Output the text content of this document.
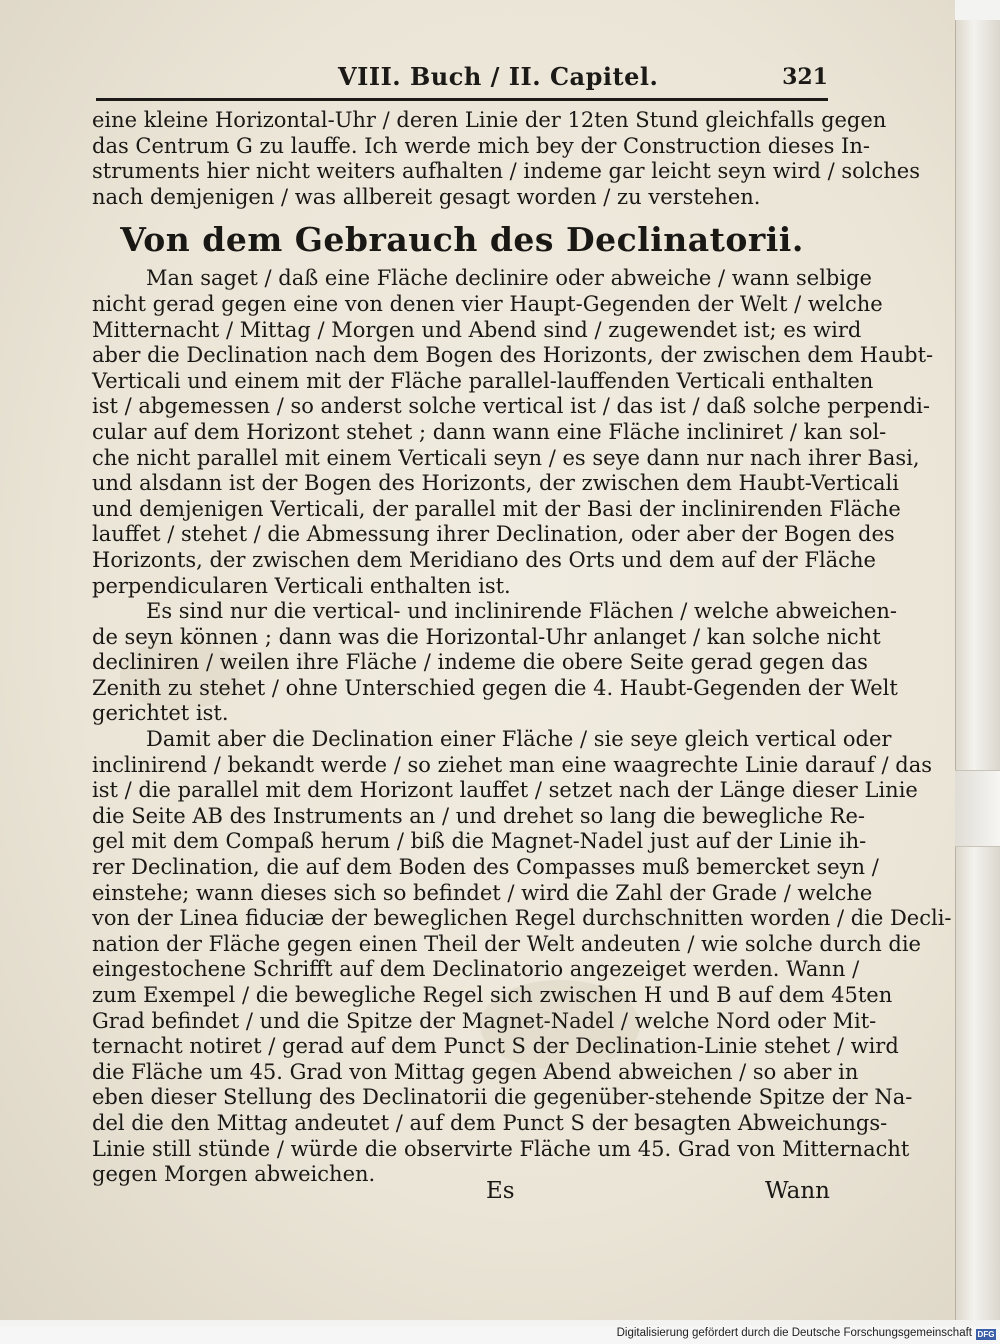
VIII. Buch / II. Capitel.	321
eine kleine Horizontal-Uhr / deren Linie der 12ten Stund gleichfalls gegen
das Centrum G zu lauffe. Ich werde mich bey der Construction dieses In-
struments hier nicht weiters aufhalten / indeme gar leicht seyn wird / solches
nach demjenigen / was allbereit gesagt worden / zu verstehen.
Von dem Gebrauch des Declinatorii.
Man saget / daß eine Fläche declinire oder abweiche / wann selbige
nicht gerad gegen eine von denen vier Haupt-Gegenden der Welt / welche
Mitternacht / Mittag / Morgen und Abend sind / zugewendet ist; es wird
aber die Declination nach dem Bogen des Horizonts, der zwischen dem Haubt-
Verticali und einem mit der Fläche parallel-lauffenden Verticali enthalten
ist / abgemessen / so anderst solche vertical ist / das ist / daß solche perpendi-
cular auf dem Horizont stehet ; dann wann eine Fläche incliniret / kan sol-
che nicht parallel mit einem Verticali seyn / es seye dann nur nach ihrer Basi,
und alsdann ist der Bogen des Horizonts, der zwischen dem Haubt-Verticali
und demjenigen Verticali, der parallel mit der Basi der inclinirenden Fläche
lauffet / stehet / die Abmessung ihrer Declination, oder aber der Bogen des
Horizonts, der zwischen dem Meridiano des Orts und dem auf der Fläche
perpendicularen Verticali enthalten ist.
Es sind nur die vertical- und inclinirende Flächen / welche abweichen-
de seyn können ; dann was die Horizontal-Uhr anlanget / kan solche nicht
decliniren / weilen ihre Fläche / indeme die obere Seite gerad gegen das
Zenith zu stehet / ohne Unterschied gegen die 4. Haubt-Gegenden der Welt
gerichtet ist.
Damit aber die Declination einer Fläche / sie seye gleich vertical oder
inclinirend / bekandt werde / so ziehet man eine waagrechte Linie darauf / das
ist / die parallel mit dem Horizont lauffet / setzet nach der Länge dieser Linie
die Seite AB des Instruments an / und drehet so lang die bewegliche Re-
gel mit dem Compaß herum / biß die Magnet-Nadel just auf der Linie ih-
rer Declination, die auf dem Boden des Compasses muß bemercket seyn /
einstehe; wann dieses sich so befindet / wird die Zahl der Grade / welche
von der Linea fiduciæ der beweglichen Regel durchschnitten worden / die Decli-
nation der Fläche gegen einen Theil der Welt andeuten / wie solche durch die
eingestochene Schrifft auf dem Declinatorio angezeiget werden. Wann /
zum Exempel / die bewegliche Regel sich zwischen H und B auf dem 45ten
Grad befindet / und die Spitze der Magnet-Nadel / welche Nord oder Mit-
ternacht notiret / gerad auf dem Punct S der Declination-Linie stehet / wird
die Fläche um 45. Grad von Mittag gegen Abend abweichen / so aber in
eben dieser Stellung des Declinatorii die gegenüber-stehende Spitze der Na-
del die den Mittag andeutet / auf dem Punct S der besagten Abweichungs-
Linie still stünde / würde die observirte Fläche um 45. Grad von Mitternacht
gegen Morgen abweichen.
Es	Wann
Digitalisierung gefördert durch die Deutsche Forschungsgemeinschaft DFG
